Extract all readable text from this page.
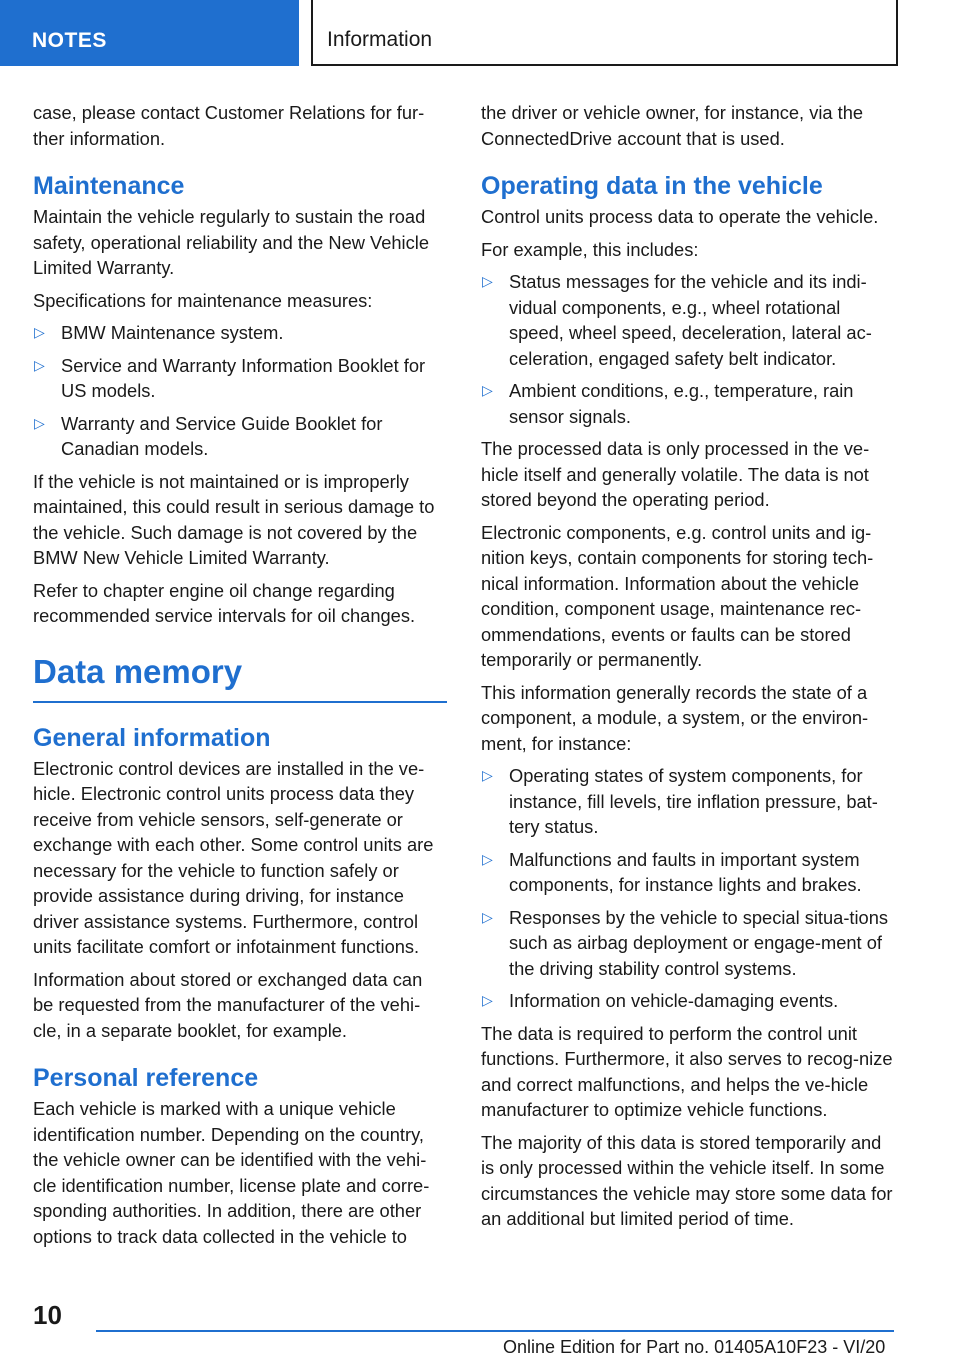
NOTES	Information

case, please contact Customer Relations for fur-ther information.

Maintenance

Maintain the vehicle regularly to sustain the road safety, operational reliability and the New Vehicle Limited Warranty.

Specifications for maintenance measures:

▷ BMW Maintenance system.
▷ Service and Warranty Information Booklet for US models.
▷ Warranty and Service Guide Booklet for Canadian models.

If the vehicle is not maintained or is improperly maintained, this could result in serious damage to the vehicle. Such damage is not covered by the BMW New Vehicle Limited Warranty.

Refer to chapter engine oil change regarding recommended service intervals for oil changes.

Data memory
General information

Electronic control devices are installed in the ve-hicle. Electronic control units process data they receive from vehicle sensors, self-generate or exchange with each other. Some control units are necessary for the vehicle to function safely or provide assistance during driving, for instance driver assistance systems. Furthermore, control units facilitate comfort or infotainment functions.

Information about stored or exchanged data can be requested from the manufacturer of the vehi-cle, in a separate booklet, for example.

Personal reference

Each vehicle is marked with a unique vehicle identification number. Depending on the country, the vehicle owner can be identified with the vehi-cle identification number, license plate and corre-sponding authorities. In addition, there are other options to track data collected in the vehicle to

the driver or vehicle owner, for instance, via the ConnectedDrive account that is used.

Operating data in the vehicle

Control units process data to operate the vehicle.

For example, this includes:

▷ Status messages for the vehicle and its indi-vidual components, e.g., wheel rotational speed, wheel speed, deceleration, lateral ac-celeration, engaged safety belt indicator.
▷ Ambient conditions, e.g., temperature, rain sensor signals.

The processed data is only processed in the ve-hicle itself and generally volatile. The data is not stored beyond the operating period.

Electronic components, e.g. control units and ig-nition keys, contain components for storing tech-nical information. Information about the vehicle condition, component usage, maintenance rec-ommendations, events or faults can be stored temporarily or permanently.

This information generally records the state of a component, a module, a system, or the environ-ment, for instance:

▷ Operating states of system components, for instance, fill levels, tire inflation pressure, bat-tery status.
▷ Malfunctions and faults in important system components, for instance lights and brakes.
▷ Responses by the vehicle to special situa-tions such as airbag deployment or engage-ment of the driving stability control systems.
▷ Information on vehicle-damaging events.

The data is required to perform the control unit functions. Furthermore, it also serves to recog-nize and correct malfunctions, and helps the ve-hicle manufacturer to optimize vehicle functions.

The majority of this data is stored temporarily and is only processed within the vehicle itself. In some circumstances the vehicle may store some data for an additional but limited period of time.

10
Online Edition for Part no. 01405A10F23 - VI/20
